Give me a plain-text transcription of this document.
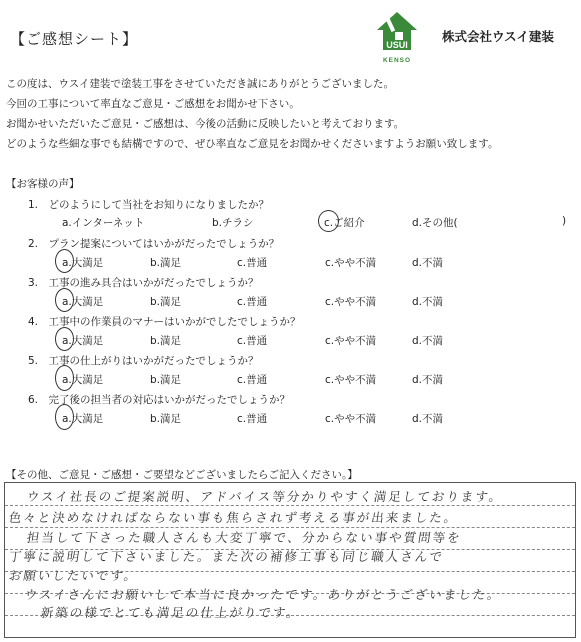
【ご感想シート】	USUI
KENSO
株式会社ウスイ建装
この度は、ウスイ建装で塗装工事をさせていただき誠にありがとうございました。
今回の工事について率直なご意見・ご感想をお聞かせ下さい。
お聞かせいただいたご意見・ご感想は、今後の活動に反映したいと考えております。
どのような些細な事でも結構ですので、ぜひ率直なご意見をお聞かせくださいますようお願い致します。
【お客様の声】
1.　どのようにして当社をお知りになりましたか？
a.インターネット	b.チラシ	c.ご紹介	d.その他(	)
2.　プラン提案についてはいかがだったでしょうか？
a.大満足	b.満足	c.普通	c.やや不満	d.不満
3.　工事の進み具合はいかがだったでしょうか？
a.大満足	b.満足	c.普通	c.やや不満	d.不満
4.　工事中の作業員のマナーはいかがでしたでしょうか？
a.大満足	b.満足	c.普通	c.やや不満	d.不満
5.　工事の仕上がりはいかがだったでしょうか？
a.大満足	b.満足	c.普通	c.やや不満	d.不満
6.　完了後の担当者の対応はいかがだったでしょうか？
a.大満足	b.満足	c.普通	c.やや不満	d.不満
【その他、ご意見・ご感想・ご要望などございましたらご記入ください。】
ウスイ社長のご提案説明、アドバイス等分かりやすく満足しております。
色々と決めなければならない事も焦らされず考える事が出来ました。
担当して下さった職人さんも大変丁寧で、分からない事や質問等を
丁寧に説明して下さいました。また次の補修工事も同じ職人さんで
お願いしたいです。
ウスイさんにお願いして本当に良かったです。ありがとうございました。
新築の様でとても満足の仕上がりです。
